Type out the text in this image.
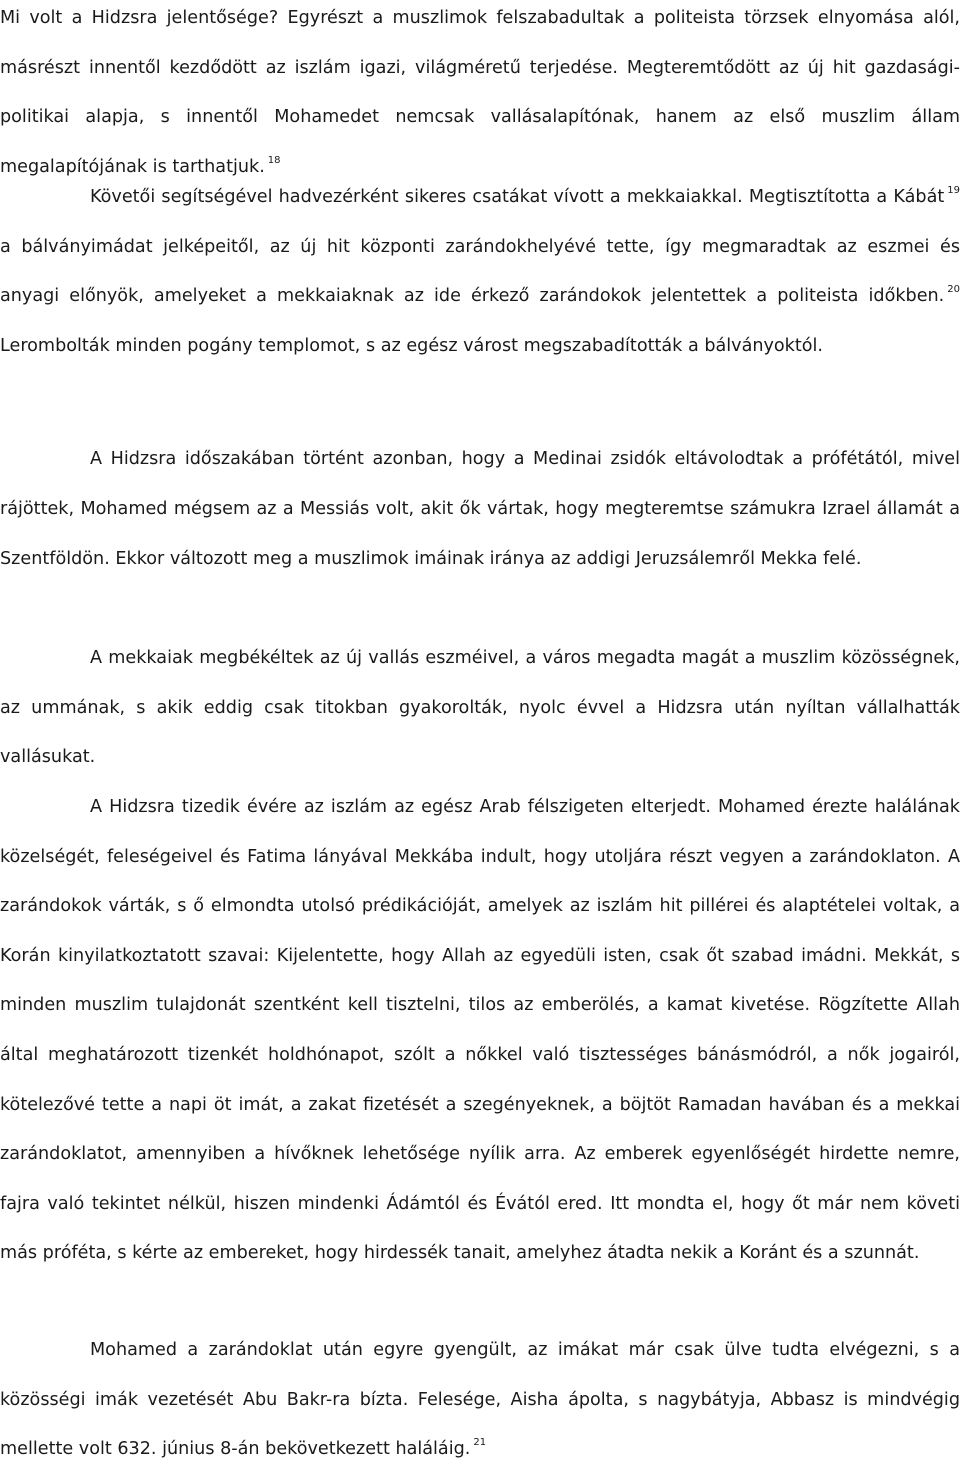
Mi volt a Hidzsra jelentősége? Egyrészt a muszlimok felszabadultak a politeista törzsek elnyomása alól, másrészt innentől kezdődött az iszlám igazi, világméretű terjedése. Megteremtődött az új hit gazdasági-politikai alapja, s innentől Mohamedet nemcsak vallásalapítónak, hanem az első muszlim állam megalapítójának is tarthatjuk. $^{18}$

Követői segítségével hadvezérként sikeres csatákat vívott a mekkaiakkal. Megtisztította a Kábát $^{19}$ a bálványimádat jelképeitől, az új hit központi zarándokhelyévé tette, így megmaradtak az eszmei és anyagi előnyök, amelyeket a mekkaiaknak az ide érkező zarándokok jelentettek a politeista időkben. $^{20}$ Lerombolták minden pogány templomot, s az egész várost megszabadították a bálványoktól.

A Hidzsra időszakában történt azonban, hogy a Medinai zsidók eltávolodtak a prófétától, mivel rájöttek, Mohamed mégsem az a Messiás volt, akit ők vártak, hogy megteremtse számukra Izrael államát a Szentföldön. Ekkor változott meg a muszlimok imáinak iránya az addigi Jeruzsálemről Mekka felé.

A mekkaiak megbékéltek az új vallás eszméivel, a város megadta magát a muszlim közösségnek, az ummának, s akik eddig csak titokban gyakorolták, nyolc évvel a Hidzsra után nyíltan vállalhatták vallásukat.

A Hidzsra tizedik évére az iszlám az egész Arab félszigeten elterjedt. Mohamed érezte halálának közelségét, feleségeivel és Fatima lányával Mekkába indult, hogy utoljára részt vegyen a zarándoklaton. A zarándokok várták, s ő elmondta utolsó prédikációját, amelyek az iszlám hit pillérei és alaptételei voltak, a Korán kinyilatkoztatott szavai: Kijelentette, hogy Allah az egyedüli isten, csak őt szabad imádni. Mekkát, s minden muszlim tulajdonát szentként kell tisztelni, tilos az emberölés, a kamat kivetése. Rögzítette Allah által meghatározott tizenkét holdhónapot, szólt a nőkkel való tisztességes bánásmódról, a nők jogairól, kötelezővé tette a napi öt imát, a zakat fizetését a szegényeknek, a böjtöt Ramadan havában és a mekkai zarándoklatot, amennyiben a hívőknek lehetősége nyílik arra. Az emberek egyenlőségét hirdette nemre, fajra való tekintet nélkül, hiszen mindenki Ádámtól és Évától ered. Itt mondta el, hogy őt már nem követi más próféta, s kérte az embereket, hogy hirdessék tanait, amelyhez átadta nekik a Koránt és a szunnát.

Mohamed a zarándoklat után egyre gyengült, az imákat már csak ülve tudta elvégezni, s a közösségi imák vezetését Abu Bakr-ra bízta. Felesége, Aisha ápolta, s nagybátyja, Abbasz is mindvégig mellette volt 632. június 8-án bekövetkezett haláláig. $^{21}$
